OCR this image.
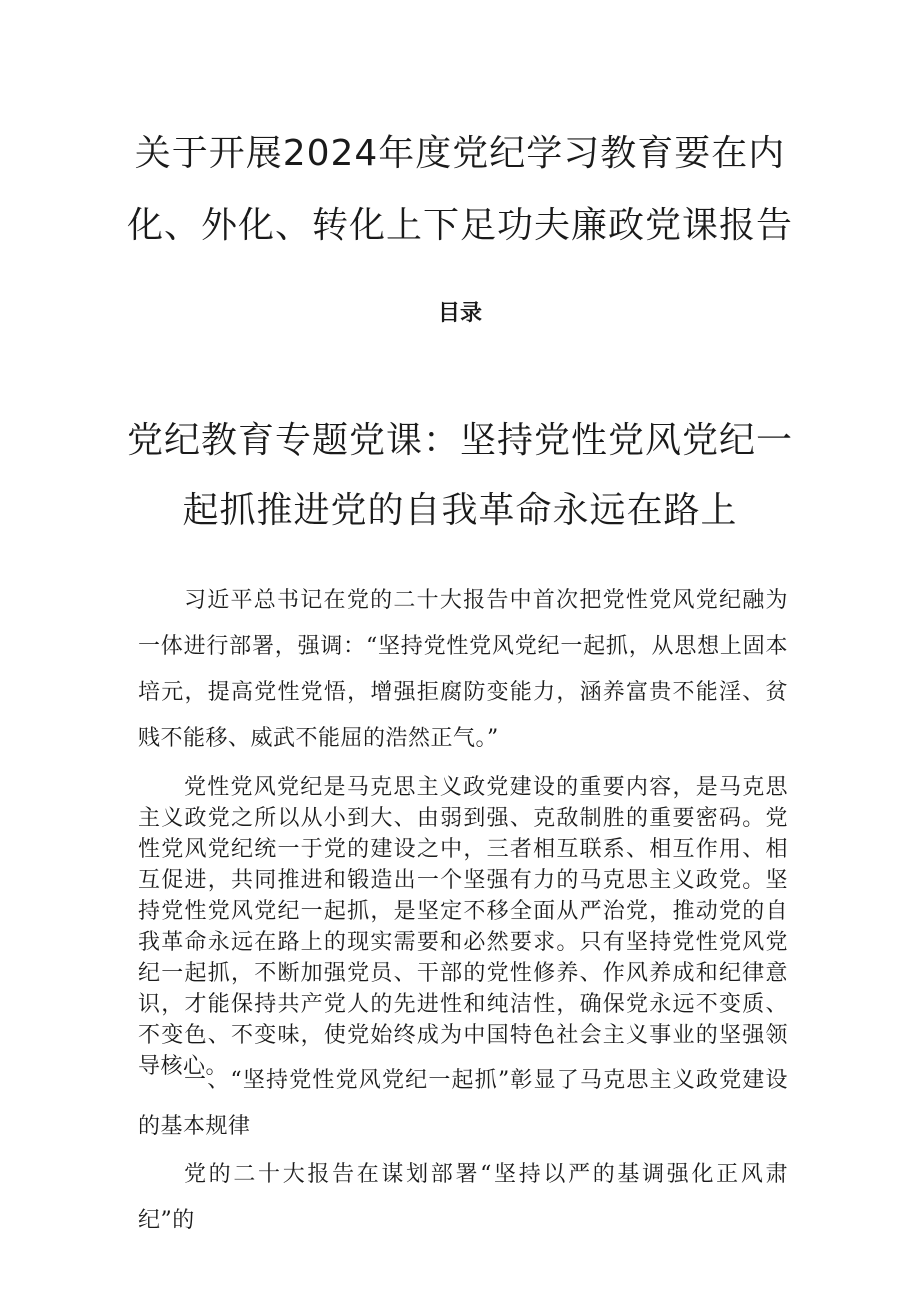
关于开展2024年度党纪学习教育要在内化、外化、转化上下足功夫廉政党课报告
目录
党纪教育专题党课：坚持党性党风党纪一起抓推进党的自我革命永远在路上

习近平总书记在党的二十大报告中首次把党性党风党纪融为一体进行部署，强调：“坚持党性党风党纪一起抓，从思想上固本培元，提高党性党悟，增强拒腐防变能力，涵养富贵不能淫、贫贱不能移、威武不能屈的浩然正气。”

党性党风党纪是马克思主义政党建设的重要内容，是马克思主义政党之所以从小到大、由弱到强、克敌制胜的重要密码。党性党风党纪统一于党的建设之中，三者相互联系、相互作用、相互促进，共同推进和锻造出一个坚强有力的马克思主义政党。坚持党性党风党纪一起抓，是坚定不移全面从严治党，推动党的自我革命永远在路上的现实需要和必然要求。只有坚持党性党风党纪一起抓，不断加强党员、干部的党性修养、作风养成和纪律意识，才能保持共产党人的先进性和纯洁性，确保党永远不变质、不变色、不变味，使党始终成为中国特色社会主义事业的坚强领导核心。

一、“坚持党性党风党纪一起抓”彰显了马克思主义政党建设的基本规律

党的二十大报告在谋划部署“坚持以严的基调强化正风肃纪”的
